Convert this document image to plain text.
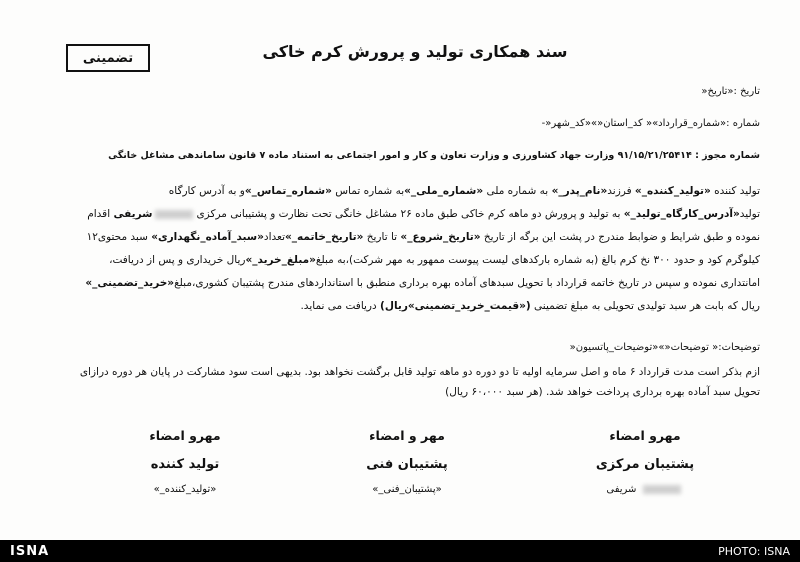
تضمینی	سند همکاری تولید و پرورش کرم خاکی
تاریخ :«تاریخ«
شماره :«شماره_قرارداد»« کد_استان«»«کد_شهر«-
شماره مجوز : ۹۱/۱۵/۲۱/۲۵۴۱۴ وزارت جهاد کشاورزی و وزارت تعاون و کار و امور اجتماعی به استناد ماده ۷ قانون ساماندهی مشاغل خانگی
تولید کننده «تولید_کننده_» فرزند«نام_پدر_» به شماره ملی «شماره_ملی_»به شماره تماس «شماره_تماس_»و به آدرس کارگاه
تولید«آدرس_کارگاه_تولید_» به تولید و پرورش دو ماهه کرم خاکی طبق ماده ۲۶ مشاغل خانگی تحت نظارت و پشتیبانی مرکزیشریفی اقدام
نموده و طبق شرایط و ضوابط مندرج در پشت این برگه از تاریخ «تاریخ_شروع_» تا تاریخ «تاریخ_خاتمه_»تعداد«سبد_آماده_نگهداری» سبد محتوی۱۲
کیلوگرم کود و حدود ۳۰۰ نخ کرم بالغ (به شماره بارکدهای لیست پیوست ممهور به مهر شرکت)،به مبلغ«مبلغ_خرید_»ریال خریداری و پس از دریافت،
امانتداری نموده و سپس در تاریخ خاتمه قرارداد با تحویل سبدهای آماده بهره برداری منطبق با استانداردهای مندرج پشتیبان کشوری،مبلغ«خرید_تضمینی_»
ریال که بابت هر سبد تولیدی تحویلی به مبلغ تضمینی («قیمت_خرید_تضمینی»ریال) دریافت می نماید.
توضیحات:« توضیحات«»«توضیحات_پاتسیون«
ازم بذکر است مدت قرارداد ۶ ماه و اصل سرمایه اولیه تا دو دوره دو ماهه تولید قابل برگشت نخواهد بود. بدیهی است سود مشارکت در پایان هر دوره درازای
تحویل سبد آماده بهره برداری پرداخت خواهد شد. (هر سبد ۶۰،۰۰۰ ریال)
مهرو امضاء
تولید کننده
«تولید_کننده_»
مهر و امضاء
پشتیبان فنی
«پشتیبان_فنی_»
مهرو امضاء
پشتیبان مرکزی
شریفی
ISNA	PHOTO: ISNA
